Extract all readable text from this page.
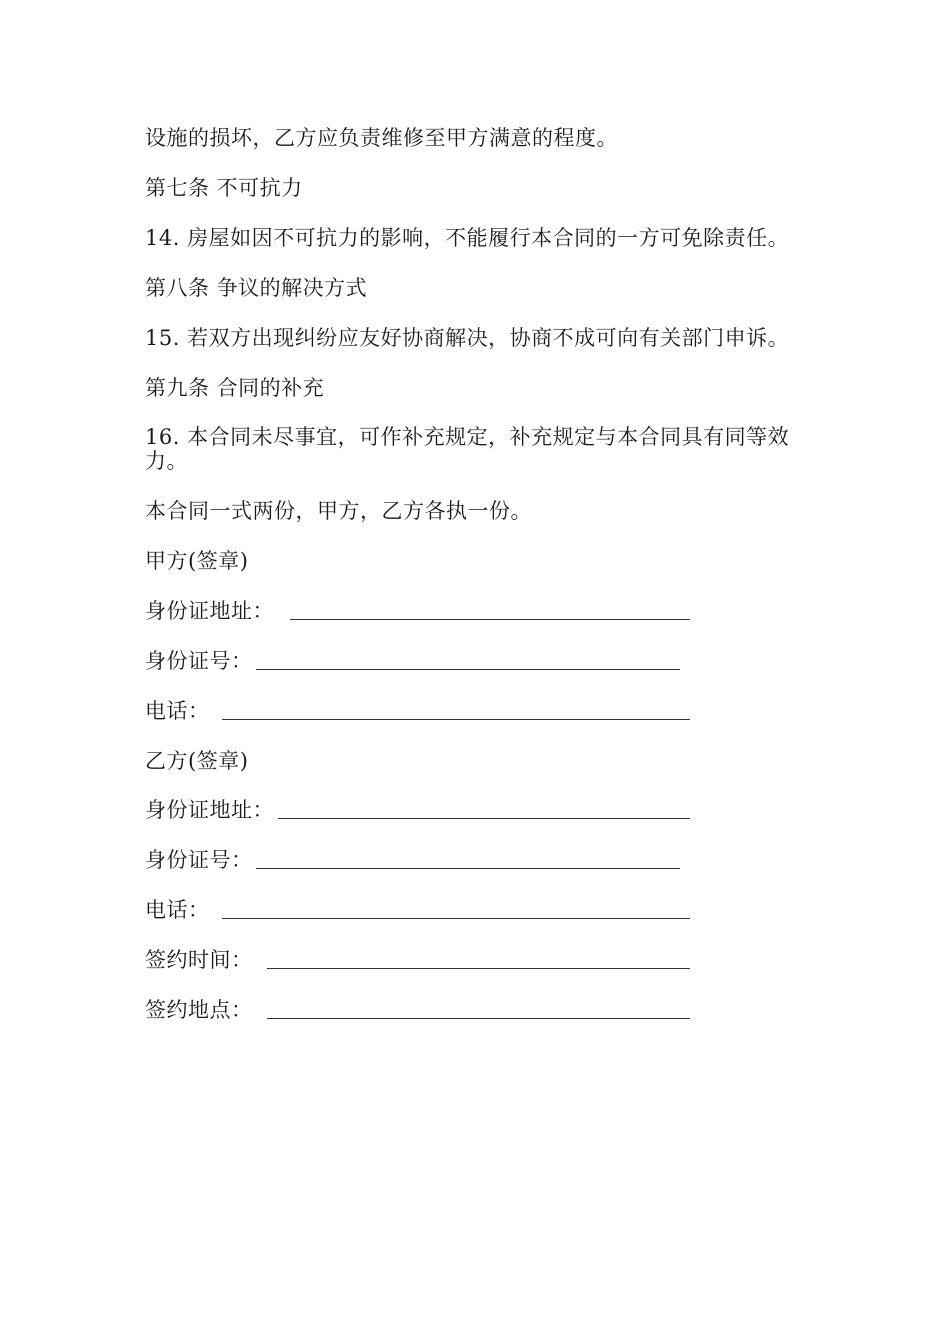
设施的损坏，乙方应负责维修至甲方满意的程度。
第七条 不可抗力
14. 房屋如因不可抗力的影响，不能履行本合同的一方可免除责任。
第八条 争议的解决方式
15. 若双方出现纠纷应友好协商解决，协商不成可向有关部门申诉。
第九条 合同的补充
16. 本合同未尽事宜，可作补充规定，补充规定与本合同具有同等效力。
本合同一式两份，甲方，乙方各执一份。
甲方(签章)
身份证地址：
身份证号：
电话：
乙方(签章)
身份证地址：
身份证号：
电话：
签约时间：
签约地点：
